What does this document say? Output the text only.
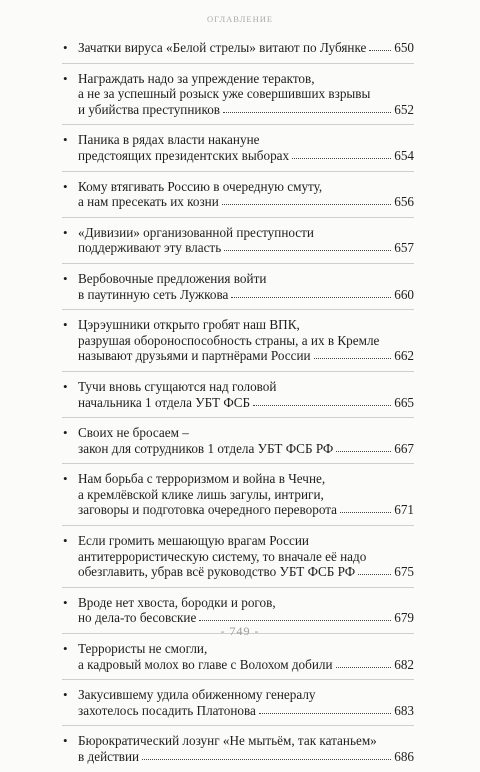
ОГЛАВЛЕНИЕ
• Зачатки вируса «Белой стрелы» витают по Лубянке 650
• Награждать надо за упреждение терактов,
а не за успешный розыск уже совершивших взрывы
и убийства преступников	652
• Паника в рядах власти накануне
предстоящих президентских выборах	654
• Кому втягивать Россию в очередную смуту,
а нам пресекать их козни	656
• «Дивизии» организованной преступности
поддерживают эту власть	657
• Вербовочные предложения войти
в паутинную сеть Лужкова	660
• Цэрэушники открыто гробят наш ВПК,
разрушая обороноспособность страны, а их в Кремле
называют друзьями и партнёрами России	662
• Тучи вновь сгущаются над головой
начальника 1 отдела УБТ ФСБ	665
• Своих не бросаем –
закон для сотрудников 1 отдела УБТ ФСБ РФ	667
• Нам борьба с терроризмом и война в Чечне,
а кремлёвской клике лишь загулы, интриги,
заговоры и подготовка очередного переворота	671
• Если громить мешающую врагам России
антитеррористическую систему, то вначале её надо
обезглавить, убрав всё руководство УБТ ФСБ РФ	675
• Вроде нет хвоста, бородки и рогов,
но дела-то бесовские	679
• Террористы не смогли,
а кадровый молох во главе с Волохом добили	682
• Закусившему удила обиженному генералу
захотелось посадить Платонова	683
• Бюрократический лозунг «Не мытьём, так катаньем»
в действии	686
- 749 -
